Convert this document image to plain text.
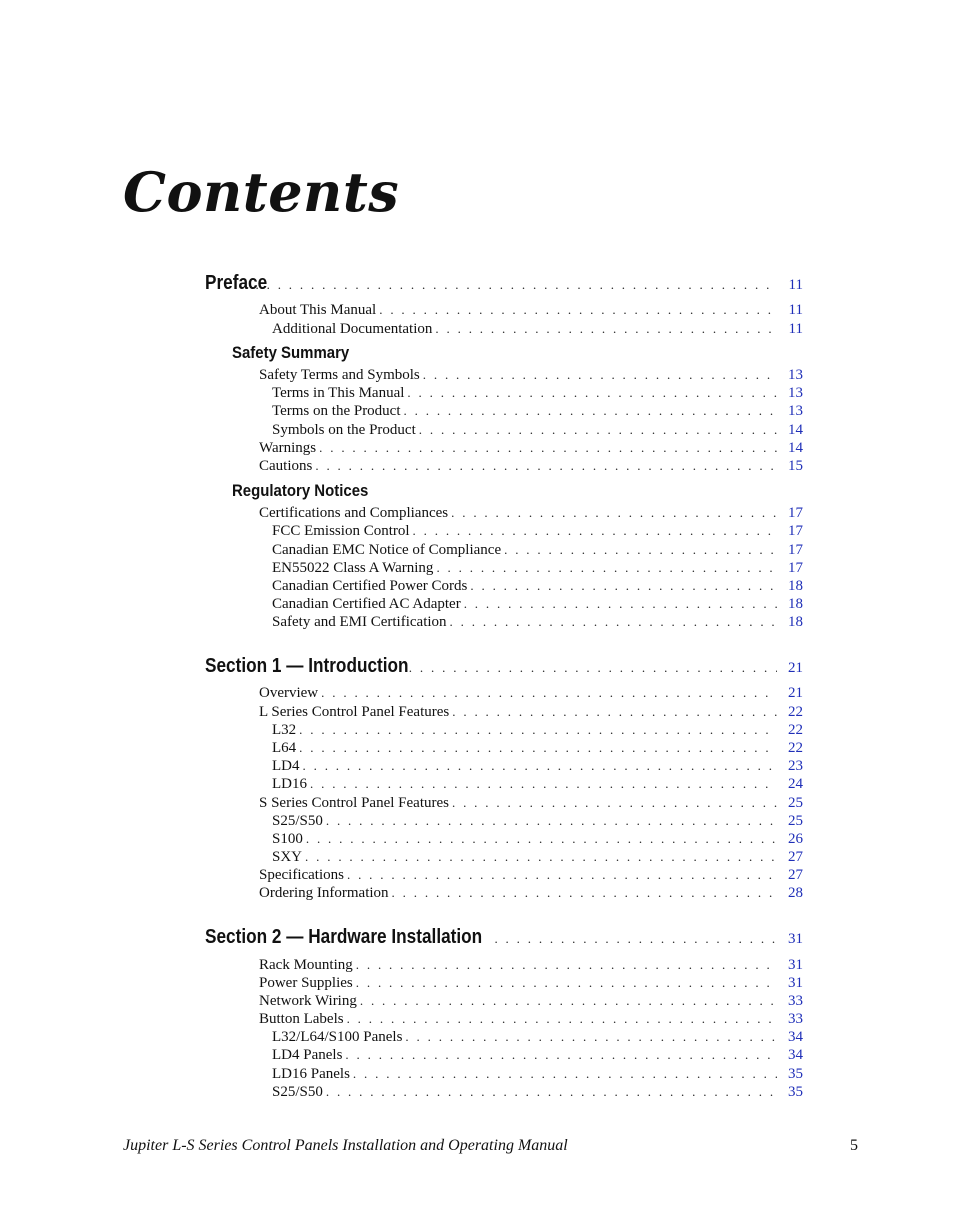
Contents
Preface . . .	11
About This Manual . . .	11
Additional Documentation . . .	11
Safety Summary
Safety Terms and Symbols . . .	13
Terms in This Manual . . .	13
Terms on the Product . . .	13
Symbols on the Product . . .	14
Warnings . . .	14
Cautions . . .	15
Regulatory Notices
Certifications and Compliances . . .	17
FCC Emission Control . . .	17
Canadian EMC Notice of Compliance . . .	17
EN55022 Class A Warning . . .	17
Canadian Certified Power Cords . . .	18
Canadian Certified AC Adapter . . .	18
Safety and EMI Certification . . .	18
Section 1 — Introduction . . .	21
Overview . . .	21
L Series Control Panel Features . . .	22
L32 . . .	22
L64 . . .	22
LD4 . . .	23
LD16 . . .	24
S Series Control Panel Features . . .	25
S25/S50 . . .	25
S100 . . .	26
SXY . . .	27
Specifications . . .	27
Ordering Information . . .	28
Section 2 — Hardware Installation . . .	31
Rack Mounting . . .	31
Power Supplies . . .	31
Network Wiring . . .	33
Button Labels . . .	33
L32/L64/S100 Panels . . .	34
LD4 Panels . . .	34
LD16 Panels . . .	35
S25/S50 . . .	35
Jupiter L-S Series Control Panels Installation and Operating Manual	5
